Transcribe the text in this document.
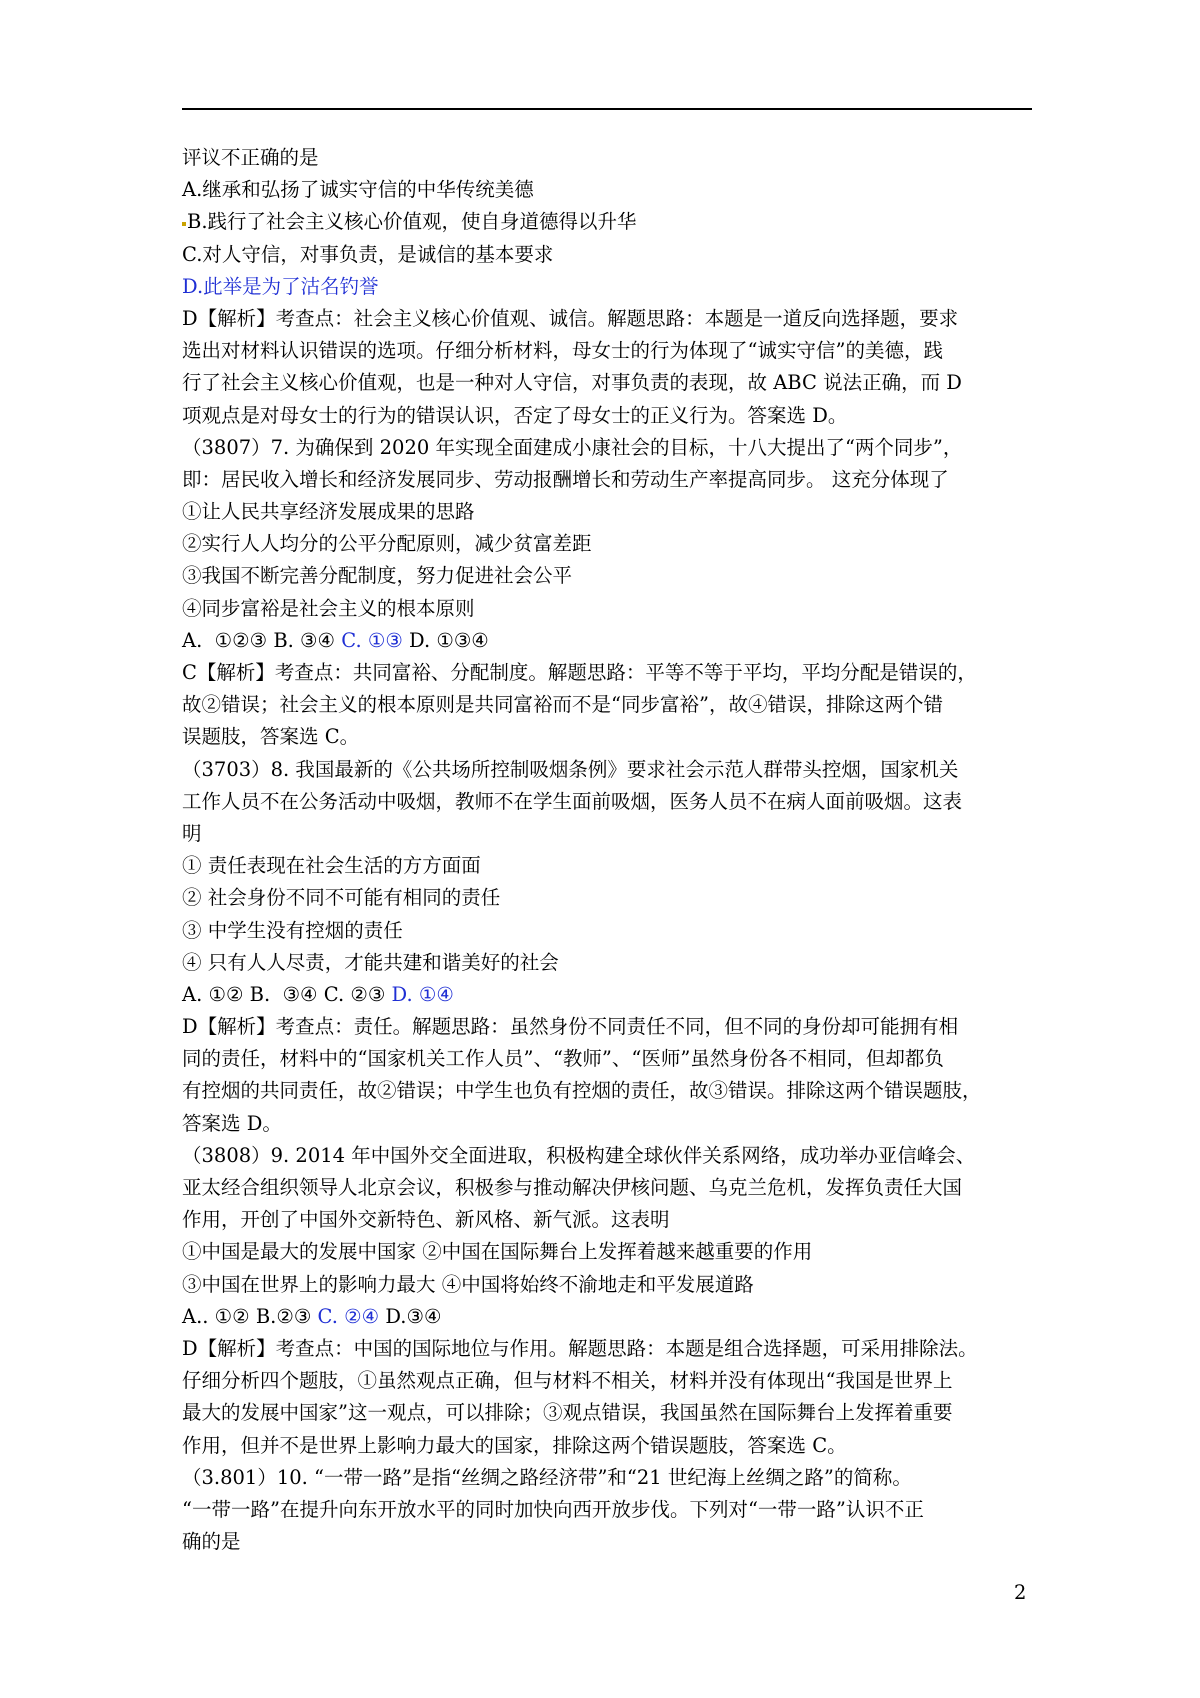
评议不正确的是
A.继承和弘扬了诚实守信的中华传统美德
B.践行了社会主义核心价值观，使自身道德得以升华
C.对人守信，对事负责，是诚信的基本要求
D.此举是为了沽名钓誉
D【解析】考查点：社会主义核心价值观、诚信。解题思路：本题是一道反向选择题，要求
选出对材料认识错误的选项。仔细分析材料，母女士的行为体现了“诚实守信”的美德，践
行了社会主义核心价值观，也是一种对人守信，对事负责的表现，故 ABC 说法正确，而 D
项观点是对母女士的行为的错误认识，否定了母女士的正义行为。答案选 D。
（3807）7. 为确保到 2020 年实现全面建成小康社会的目标，十八大提出了“两个同步”，
即：居民收入增长和经济发展同步、劳动报酬增长和劳动生产率提高同步。 这充分体现了
①让人民共享经济发展成果的思路
②实行人人均分的公平分配原则，减少贫富差距
③我国不断完善分配制度，努力促进社会公平
④同步富裕是社会主义的根本原则
A.  ①②③ B. ③④ C. ①③ D. ①③④
C【解析】考查点：共同富裕、分配制度。解题思路：平等不等于平均，平均分配是错误的，
故②错误；社会主义的根本原则是共同富裕而不是“同步富裕”，故④错误，排除这两个错
误题肢，答案选 C。
（3703）8. 我国最新的《公共场所控制吸烟条例》要求社会示范人群带头控烟，国家机关
工作人员不在公务活动中吸烟，教师不在学生面前吸烟，医务人员不在病人面前吸烟。这表
明
① 责任表现在社会生活的方方面面
② 社会身份不同不可能有相同的责任
③ 中学生没有控烟的责任
④ 只有人人尽责，才能共建和谐美好的社会
A. ①② B.  ③④ C. ②③ D. ①④
D【解析】考查点：责任。解题思路：虽然身份不同责任不同，但不同的身份却可能拥有相
同的责任，材料中的“国家机关工作人员”、“教师”、“医师”虽然身份各不相同，但却都负
有控烟的共同责任，故②错误；中学生也负有控烟的责任，故③错误。排除这两个错误题肢，
答案选 D。
（3808）9. 2014 年中国外交全面进取，积极构建全球伙伴关系网络，成功举办亚信峰会、
亚太经合组织领导人北京会议，积极参与推动解决伊核问题、乌克兰危机，发挥负责任大国
作用，开创了中国外交新特色、新风格、新气派。这表明
①中国是最大的发展中国家 ②中国在国际舞台上发挥着越来越重要的作用
③中国在世界上的影响力最大 ④中国将始终不渝地走和平发展道路
A.. ①② B.②③ C. ②④ D.③④
D【解析】考查点：中国的国际地位与作用。解题思路：本题是组合选择题，可采用排除法。
仔细分析四个题肢，①虽然观点正确，但与材料不相关，材料并没有体现出“我国是世界上
最大的发展中国家”这一观点，可以排除；③观点错误，我国虽然在国际舞台上发挥着重要
作用，但并不是世界上影响力最大的国家，排除这两个错误题肢，答案选 C。
（3.801）10. “一带一路”是指“丝绸之路经济带”和“21 世纪海上丝绸之路”的简称。
“一带一路”在提升向东开放水平的同时加快向西开放步伐。下列对“一带一路”认识不正
确的是
2
